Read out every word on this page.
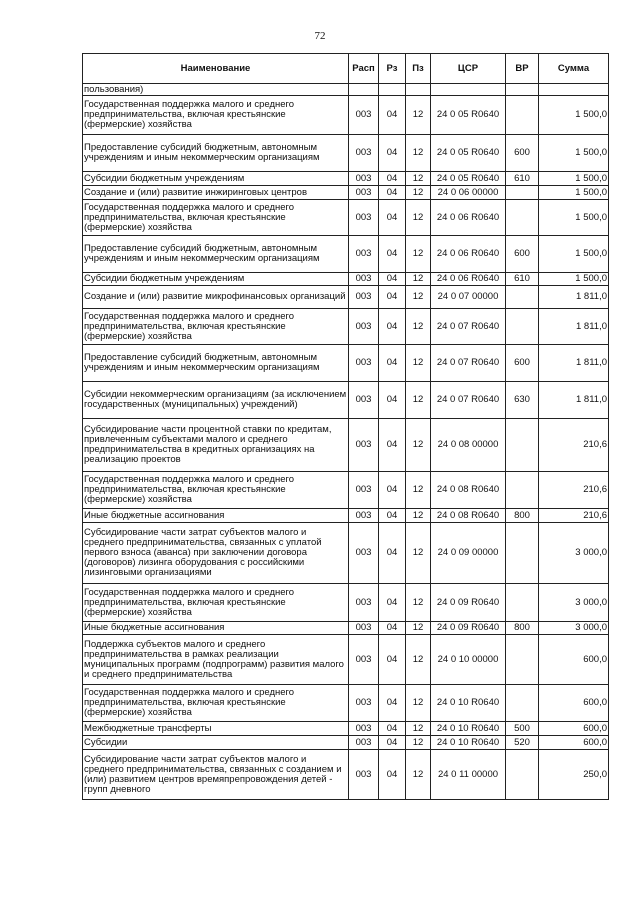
72
Наименование	Расп	Рз	Пз	ЦСР	ВР	Сумма
пользования)						
Государственная поддержка малого и среднего предпринимательства, включая крестьянские (фермерские) хозяйства	003	04	12	24 0 05 R0640		1 500,0
Предоставление субсидий бюджетным, автономным учреждениям и иным некоммерческим организациям	003	04	12	24 0 05 R0640	600	1 500,0
Субсидии бюджетным учреждениям	003	04	12	24 0 05 R0640	610	1 500,0
Создание и (или) развитие инжиринговых центров	003	04	12	24 0 06 00000		1 500,0
Государственная поддержка малого и среднего предпринимательства, включая крестьянские (фермерские) хозяйства	003	04	12	24 0 06 R0640		1 500,0
Предоставление субсидий бюджетным, автономным учреждениям и иным некоммерческим организациям	003	04	12	24 0 06 R0640	600	1 500,0
Субсидии бюджетным учреждениям	003	04	12	24 0 06 R0640	610	1 500,0
Создание и (или) развитие микрофинансовых организаций	003	04	12	24 0 07 00000		1 811,0
Государственная поддержка малого и среднего предпринимательства, включая крестьянские (фермерские) хозяйства	003	04	12	24 0 07 R0640		1 811,0
Предоставление субсидий бюджетным, автономным учреждениям и иным некоммерческим организациям	003	04	12	24 0 07 R0640	600	1 811,0
Субсидии некоммерческим организациям (за исключением государственных (муниципальных) учреждений)	003	04	12	24 0 07 R0640	630	1 811,0
Субсидирование части процентной ставки по кредитам, привлеченным субъектами малого и среднего предпринимательства в кредитных организациях на реализацию проектов	003	04	12	24 0 08 00000		210,6
Государственная поддержка малого и среднего предпринимательства, включая крестьянские (фермерские) хозяйства	003	04	12	24 0 08 R0640		210,6
Иные бюджетные ассигнования	003	04	12	24 0 08 R0640	800	210,6
Субсидирование части затрат субъектов малого и среднего предпринимательства, связанных с уплатой первого взноса (аванса) при заключении договора (договоров) лизинга оборудования с российскими лизинговыми организациями	003	04	12	24 0 09 00000		3 000,0
Государственная поддержка малого и среднего предпринимательства, включая крестьянские (фермерские) хозяйства	003	04	12	24 0 09 R0640		3 000,0
Иные бюджетные ассигнования	003	04	12	24 0 09 R0640	800	3 000,0
Поддержка субъектов малого и среднего предпринимательства в рамках реализации муниципальных программ (подпрограмм) развития малого и среднего предпринимательства	003	04	12	24 0 10 00000		600,0
Государственная поддержка малого и среднего предпринимательства, включая крестьянские (фермерские) хозяйства	003	04	12	24 0 10 R0640		600,0
Межбюджетные трансферты	003	04	12	24 0 10 R0640	500	600,0
Субсидии	003	04	12	24 0 10 R0640	520	600,0
Субсидирование части затрат субъектов малого и среднего предпринимательства, связанных с созданием и (или) развитием центров времяпрепровождения детей - групп дневного	003	04	12	24 0 11 00000		250,0
